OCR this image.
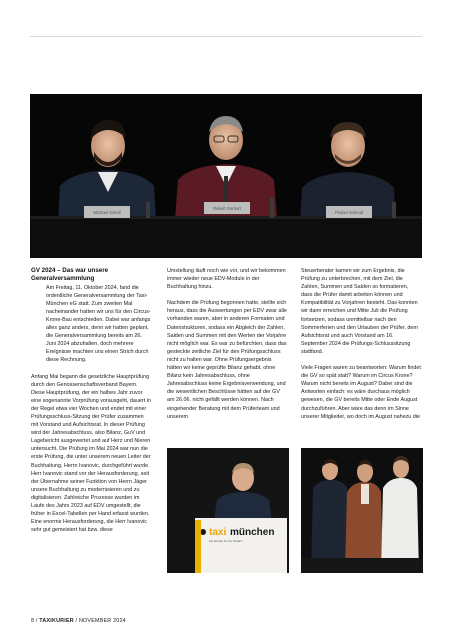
Michael Scholl
Robert Gerhart
Florian Schmid

GV 2024 – Das war unsere Generalversammlung

Am Freitag, 11. Oktober 2024, fand die ordentliche Generalversammlung der Taxi-München eG statt. Zum zweiten Mal nacheinander hatten wir uns für den Circus-Krone-Bau entschieden. Dabei war anfangs alles ganz anders, denn wir hatten geplant, die Generalversammlung bereits am 26. Juni 2024 abzuhalten, doch mehrere Ereignisse machten uns einen Strich durch diese Rechnung.

Anfang Mai begann die gesetzliche Hauptprüfung durch den Genossenschaftsverband Bayern. Diese Hauptprüfung, der ein halbes Jahr zuvor eine sogenannte Vorprüfung vorausgeht, dauert in der Regel etwa vier Wochen und endet mit einer Prüfungsschluss-Sitzung der Prüfer zusammen mit Vorstand und Aufsichtsrat. In dieser Prüfung wird der Jahresabschluss, also Bilanz, GuV und Lagebericht ausgewertet und auf Herz und Nieren untersucht. Die Prüfung im Mai 2024 war nun die erste Prüfung, die unter unserem neuen Leiter der Buchhaltung, Herrn Ivanovic, durchgeführt wurde. Herr Ivanovic stand vor der Herausforderung, seit der Übernahme seiner Funktion von Herrn Jäger unsere Buchhaltung zu modernisieren und zu digitalisieren. Zahlreiche Prozesse wurden im Laufe des Jahrs 2023 auf EDV umgestellt, die früher in Excel-Tabellen per Hand erfasst wurden. Eine enorme Herausforderung, die Herr Ivanovic sehr gut gemeistert hat bzw. diese

Umstellung läuft noch wie vor, und wir bekommen immer wieder neue EDV-Module in der Buchhaltung hinzu.

Nachdem die Prüfung begonnen hatte, stellte sich heraus, dass die Auswertungen per EDV zwar alle vorhanden waren, aber in anderen Formaten und Datenstrukturen, sodass ein Abgleich der Zahlen, Salden und Summen mit den Werten der Vorjahre nicht möglich war. Es war zu befürchten, dass das gesteckte zeitliche Ziel für den Prüfungsschluss nicht zu halten war. Ohne Prüfungsergebnis hätten wir keine geprüfte Bilanz gehabt, ohne Bilanz kein Jahresabschluss, ohne Jahresabschluss keine Ergebnisverwendung, und die wesentlichen Beschlüsse hätten auf der GV am 26.06. nicht gefällt werden können. Nach eingehender Beratung mit dem Prüferteam und unserem

Steuerberater kamen wir zum Ergebnis, die Prüfung zu unterbrechen, mit dem Ziel, die Zahlen, Summen und Salden so formatieren, dass die Prüfer damit arbeiten können und Kompatibilität zu Vorjahren besteht. Das konnten wir dann erreichen und Mitte Juli die Prüfung fortsetzen, sodass unmittelbar nach den Sommerferien und den Urlauben der Prüfer, dem Aufsichtsrat und auch Vorstand am 16. September 2024 die Prüfungs-Schlusssitzung stattfand.

Viele Fragen waren zu beantworten: Warum findet die GV so spät statt? Warum im Circus Krone? Warum nicht bereits im August? Dabei sind die Antworten einfach: es wäre durchaus möglich gewesen, die GV bereits Mitte oder Ende August durchzuführen. Aber wäre das denn im Sinne unserer Mitglieder, wo doch im August nahezu die

taxi münchen
Die Zentrale für Ihre Taxifahrt
8 / TAXIKURIER / NOVEMBER 2024
